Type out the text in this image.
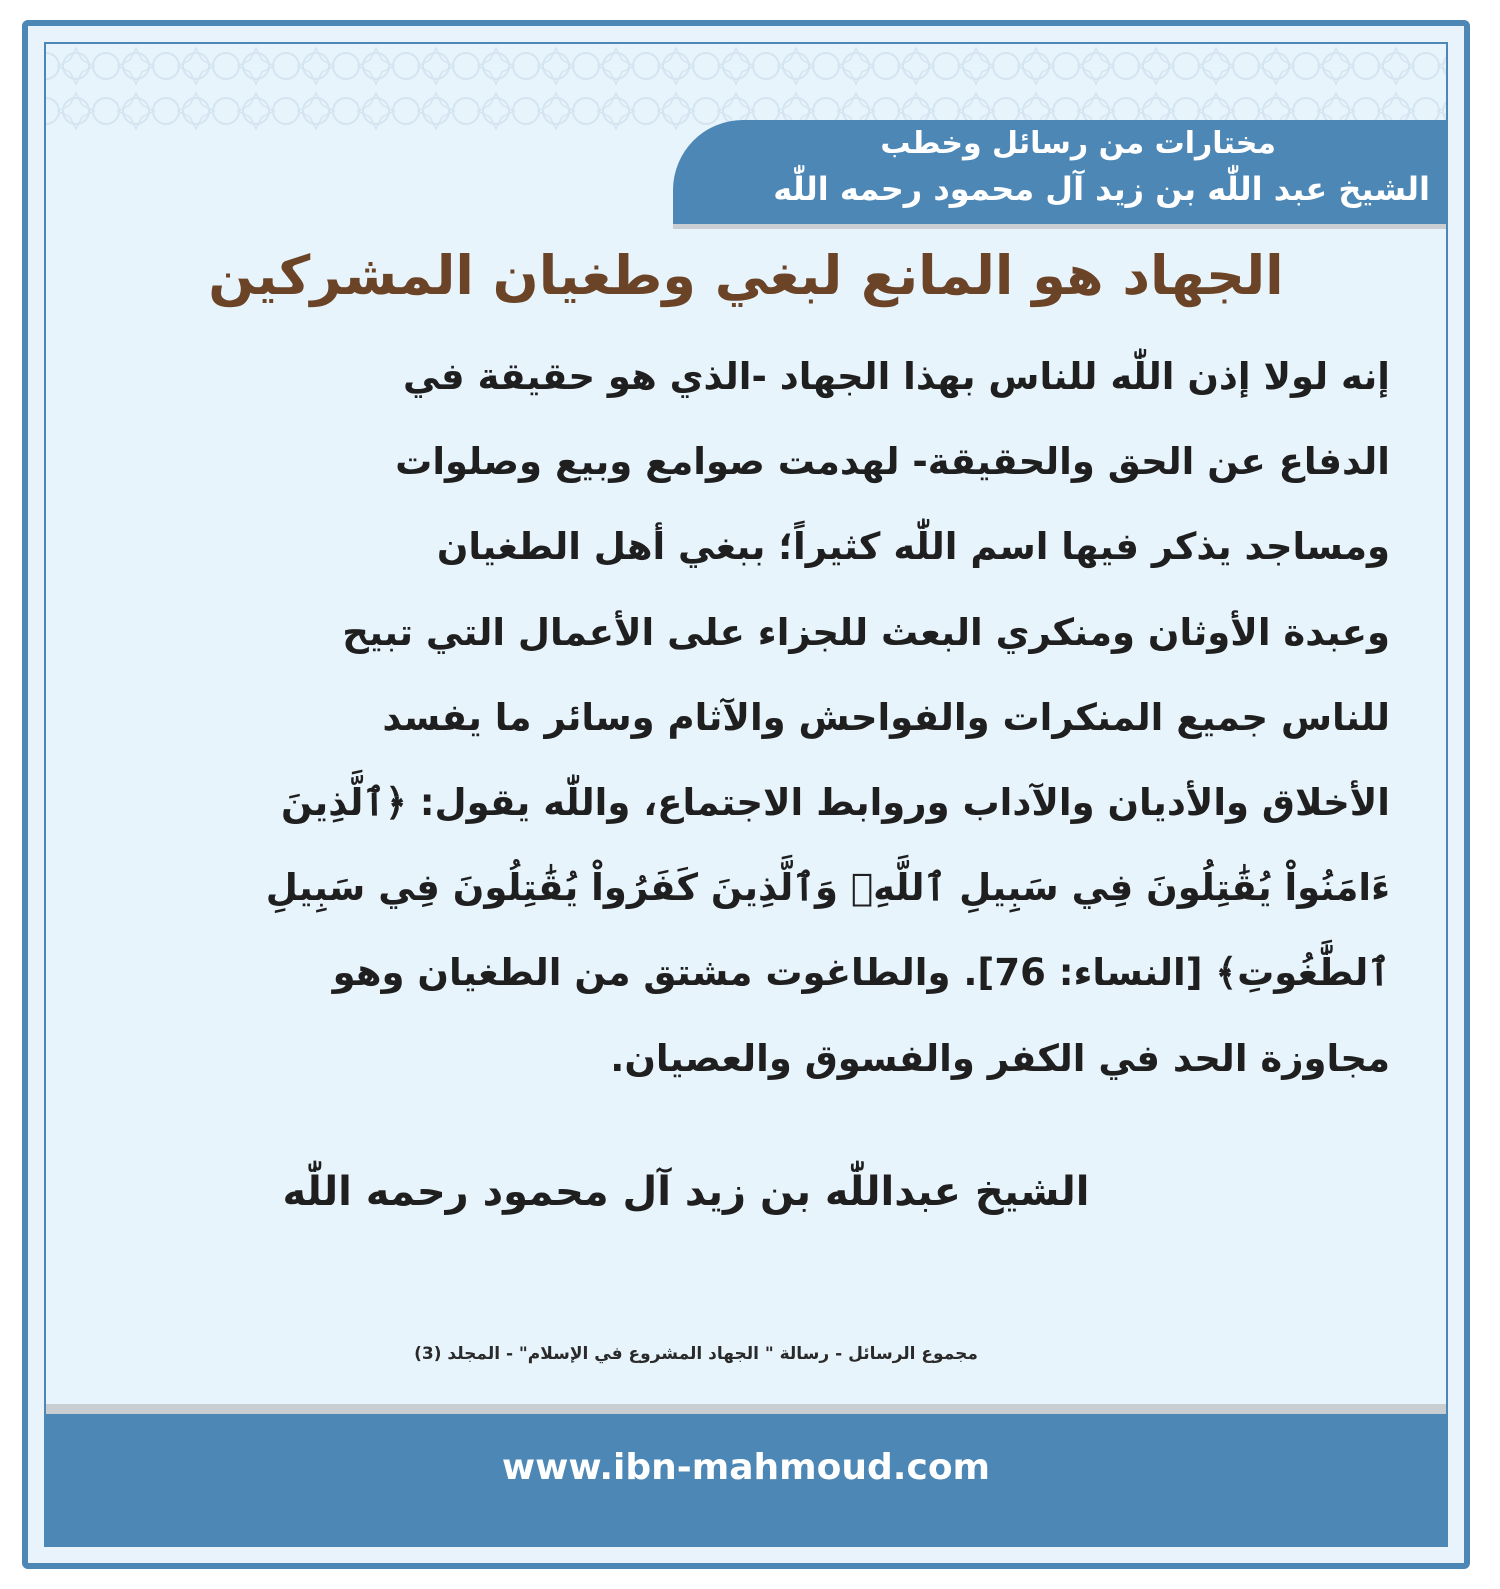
مختارات من رسائل وخطب
الشيخ عبد اللّٰه بن زيد آل محمود رحمه اللّٰه
الجهاد هو المانع لبغي وطغيان المشركين
إنه لولا إذن اللّٰه للناس بهذا الجهاد -الذي هو حقيقة في
الدفاع عن الحق والحقيقة- لهدمت صوامع وبيع وصلوات
ومساجد يذكر فيها اسم اللّٰه كثيراً؛ ببغي أهل الطغيان
وعبدة الأوثان ومنكري البعث للجزاء على الأعمال التي تبيح
للناس جميع المنكرات والفواحش والآثام وسائر ما يفسد
الأخلاق والأديان والآداب وروابط الاجتماع، واللّٰه يقول: ﴿ٱلَّذِينَ
ءَامَنُواْ يُقَٰتِلُونَ فِي سَبِيلِ ٱللَّهِۖ وَٱلَّذِينَ كَفَرُواْ يُقَٰتِلُونَ فِي سَبِيلِ
ٱلطَّٰغُوتِ﴾ [النساء: 76]. والطاغوت مشتق من الطغيان وهو
مجاوزة الحد في الكفر والفسوق والعصيان.
الشيخ عبداللّٰه بن زيد آل محمود رحمه اللّٰه
مجموع الرسائل - رسالة " الجهاد المشروع في الإسلام" - المجلد (3)
www.ibn-mahmoud.com
